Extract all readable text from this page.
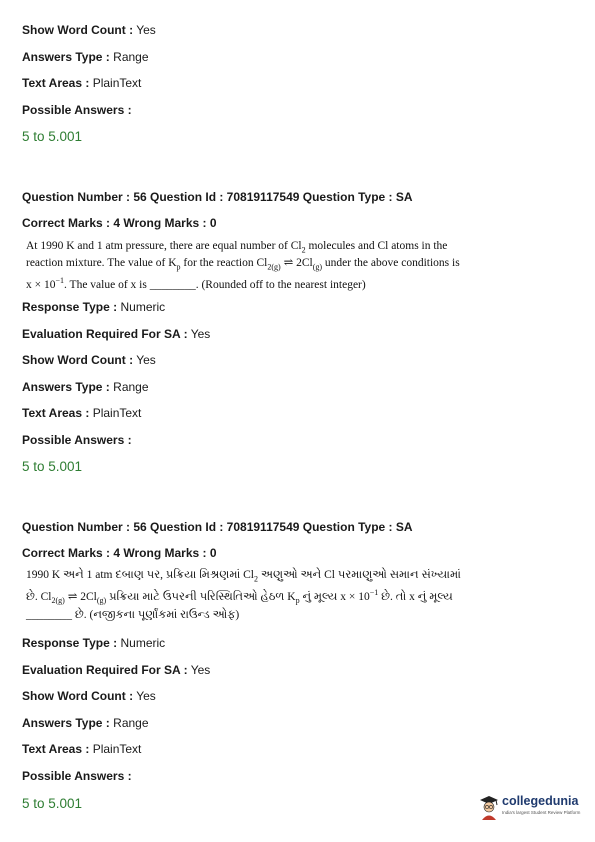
Show Word Count : Yes
Answers Type : Range
Text Areas : PlainText
Possible Answers :
5 to 5.001
Question Number : 56 Question Id : 70819117549 Question Type : SA
Correct Marks : 4 Wrong Marks : 0
At 1990 K and 1 atm pressure, there are equal number of $Cl_2$ molecules and Cl atoms in the reaction mixture. The value of $K_p$ for the reaction $Cl_{2(g)}$ ⇌ $2Cl_{(g)}$ under the above conditions is $x \times 10^{-1}$. The value of x is ________. (Rounded off to the nearest integer)
Response Type : Numeric
Evaluation Required For SA : Yes
Show Word Count : Yes
Answers Type : Range
Text Areas : PlainText
Possible Answers :
5 to 5.001
Question Number : 56 Question Id : 70819117549 Question Type : SA
Correct Marks : 4 Wrong Marks : 0
1990 K અને 1 atm દબાણ પર, પ્રક્રિયા મિશ્રણમાં $Cl_2$ અણુઓ અને Cl પરમાણુઓ સમાન સંખ્યામાં છે. $Cl_{2(g)}$ ⇌ $2Cl_{(g)}$ પ્રક્રિયા માટે ઉપરની પરિસ્થિતિઓ હેઠળ $K_p$ નું મૂલ્ય $x \times 10^{-1}$ છે. તો x નું મૂલ્ય ________ છે. (નજીકના પૂર્ણાંકમાં રાઉન્ડ ઓફ)
Response Type : Numeric
Evaluation Required For SA : Yes
Show Word Count : Yes
Answers Type : Range
Text Areas : PlainText
Possible Answers :
5 to 5.001	collegedunia
India's largest Student Review Platform
